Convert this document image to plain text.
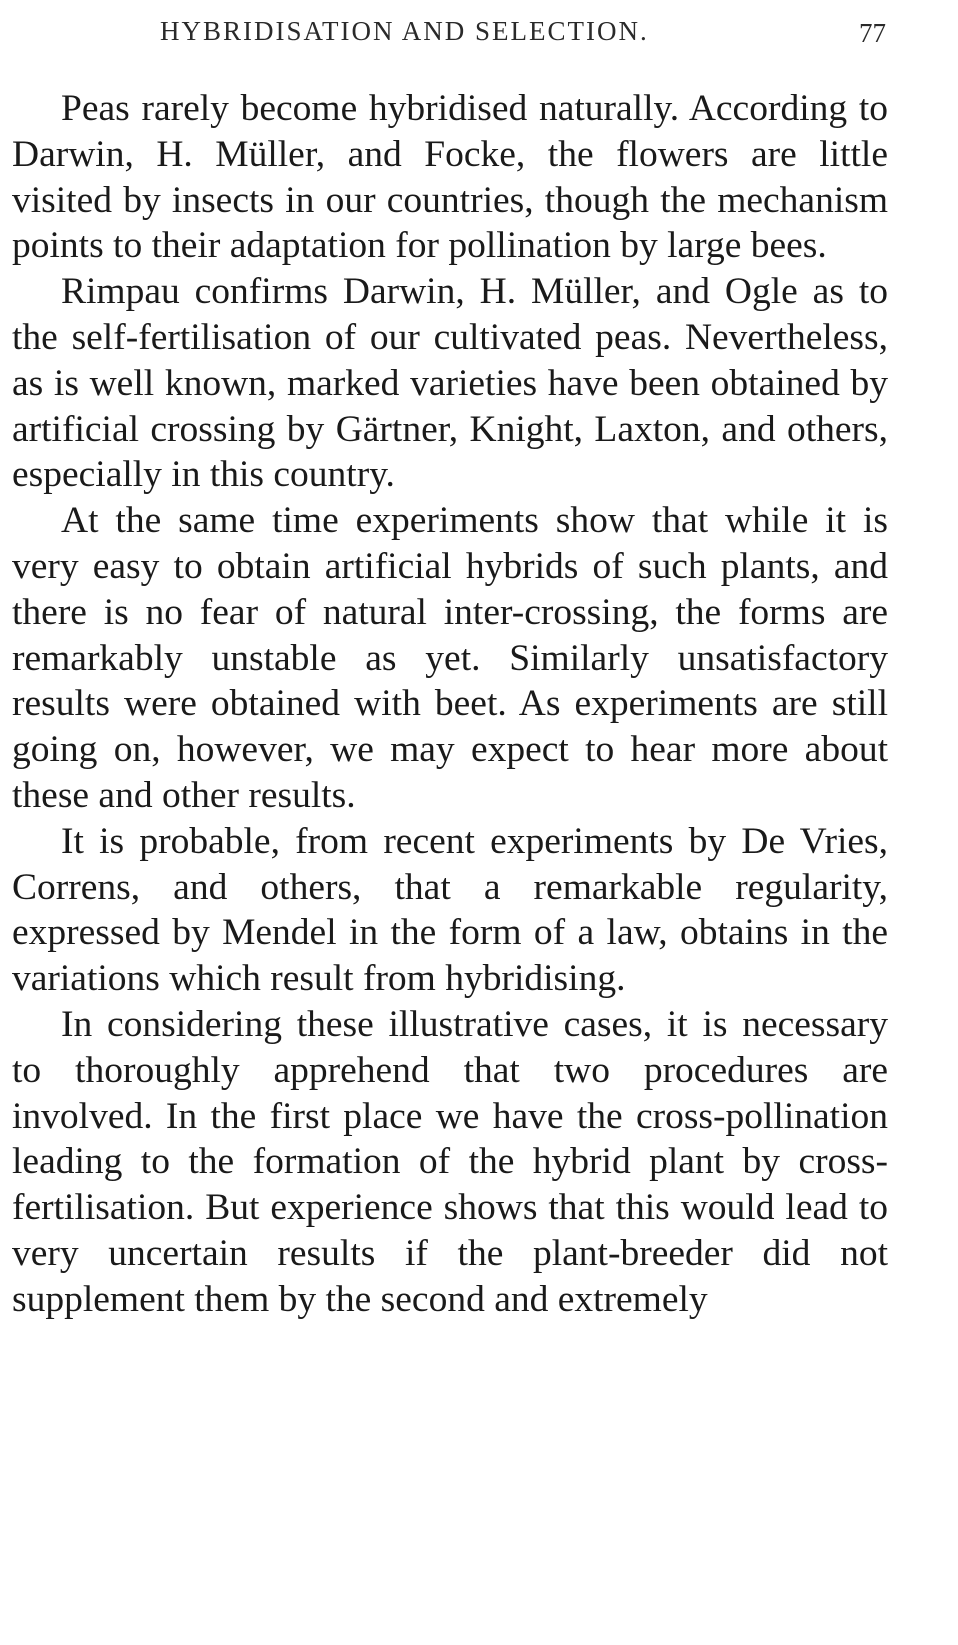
HYBRIDISATION AND SELECTION.	77

Peas rarely become hybridised naturally. According to Darwin, H. Müller, and Focke, the flowers are little visited by insects in our countries, though the mechanism points to their adaptation for pollination by large bees.

Rimpau confirms Darwin, H. Müller, and Ogle as to the self-fertilisation of our cultivated peas. Nevertheless, as is well known, marked varieties have been obtained by artificial crossing by Gärtner, Knight, Laxton, and others, especially in this country.

At the same time experiments show that while it is very easy to obtain artificial hybrids of such plants, and there is no fear of natural inter-crossing, the forms are remarkably unstable as yet. Similarly unsatisfactory results were obtained with beet. As experiments are still going on, however, we may expect to hear more about these and other results.

It is probable, from recent experiments by De Vries, Correns, and others, that a remarkable regularity, expressed by Mendel in the form of a law, obtains in the variations which result from hybridising.

In considering these illustrative cases, it is necessary to thoroughly apprehend that two procedures are involved. In the first place we have the cross-pollination leading to the formation of the hybrid plant by cross-fertilisation. But experience shows that this would lead to very uncertain results if the plant-breeder did not supplement them by the second and extremely
